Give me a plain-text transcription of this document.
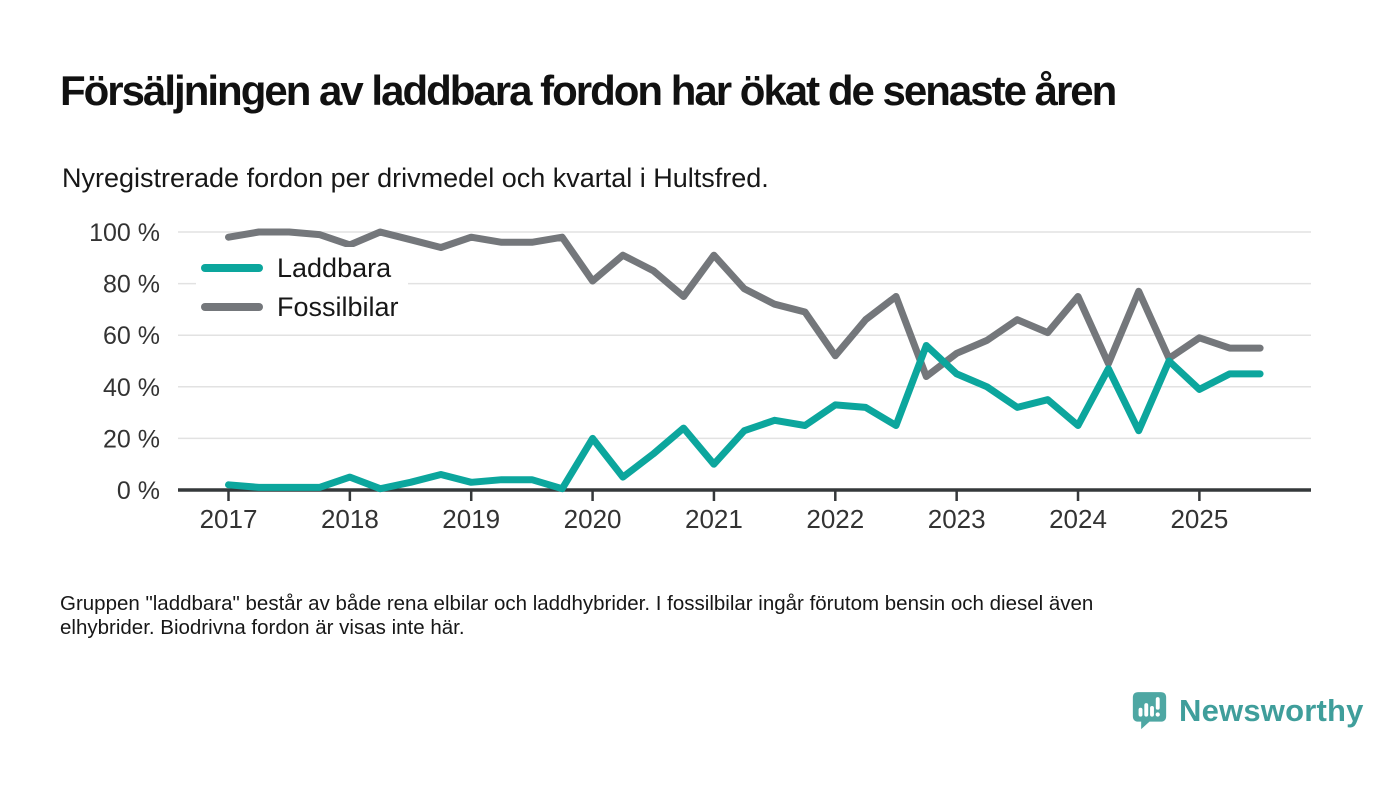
Försäljningen av laddbara fordon har ökat de senaste åren
Nyregistrerade fordon per drivmedel och kvartal i Hultsfred.
0 %
20 %
40 %
60 %
80 %
100 %
2017 2018 2019 2020 2021 2022 2023 2024 2025
Laddbara
Fossilbilar
Gruppen "laddbara" består av både rena elbilar och laddhybrider. I fossilbilar ingår förutom bensin och diesel även
elhybrider. Biodrivna fordon är visas inte här.
Newsworthy
